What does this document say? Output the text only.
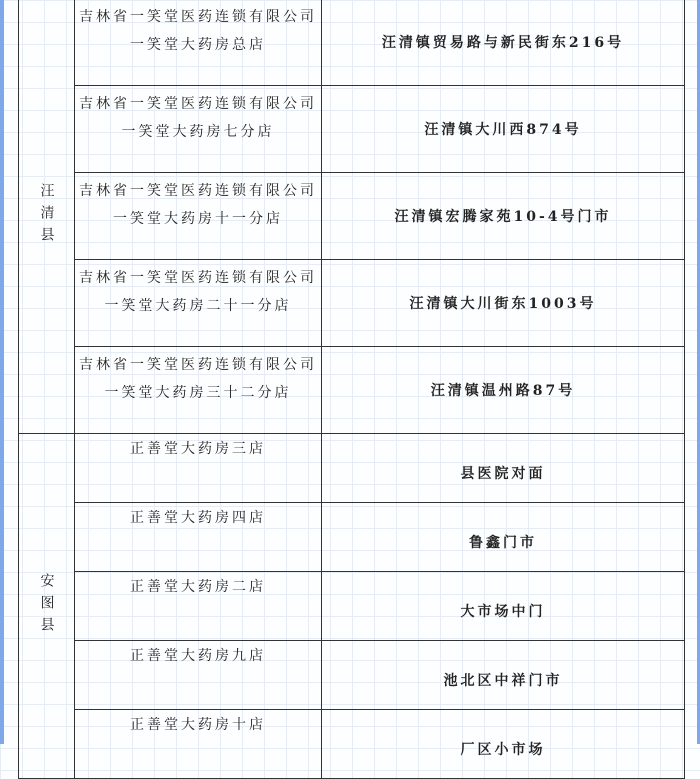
汪清县	吉林省一笑堂医药连锁有限公司一笑堂大药房总店	汪清镇贸易路与新民街东216号
	吉林省一笑堂医药连锁有限公司一笑堂大药房七分店	汪清镇大川西874号
	吉林省一笑堂医药连锁有限公司一笑堂大药房十一分店	汪清镇宏腾家苑10-4号门市
	吉林省一笑堂医药连锁有限公司一笑堂大药房二十一分店	汪清镇大川街东1003号
	吉林省一笑堂医药连锁有限公司一笑堂大药房三十二分店	汪清镇温州路87号
安图县	正善堂大药房三店	县医院对面
	正善堂大药房四店	鲁鑫门市
	正善堂大药房二店	大市场中门
	正善堂大药房九店	池北区中祥门市
	正善堂大药房十店	厂区小市场
